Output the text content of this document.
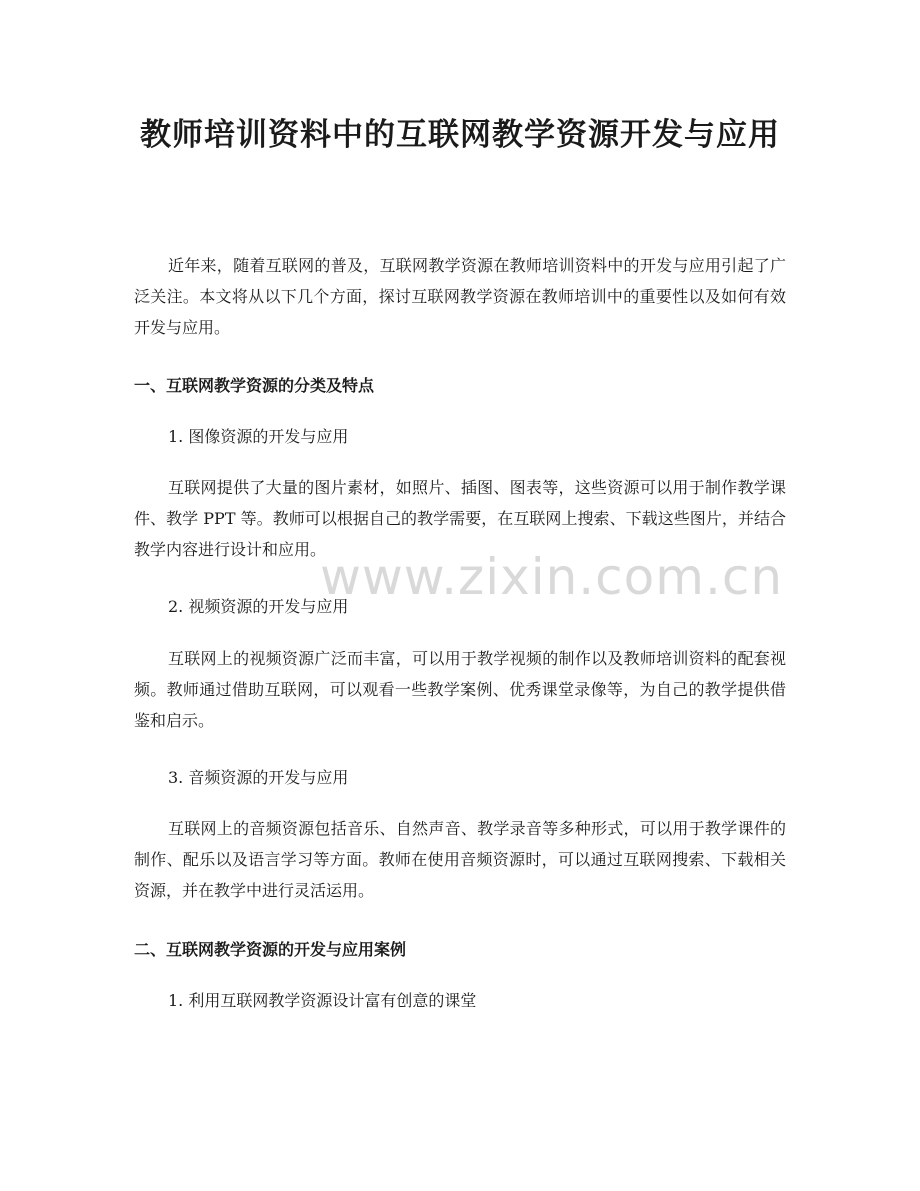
教师培训资料中的互联网教学资源开发与应用

近年来，随着互联网的普及，互联网教学资源在教师培训资料中的开发与应用引起了广泛关注。本文将从以下几个方面，探讨互联网教学资源在教师培训中的重要性以及如何有效开发与应用。

一、互联网教学资源的分类及特点

1. 图像资源的开发与应用

互联网提供了大量的图片素材，如照片、插图、图表等，这些资源可以用于制作教学课件、教学 PPT 等。教师可以根据自己的教学需要，在互联网上搜索、下载这些图片，并结合教学内容进行设计和应用。

2. 视频资源的开发与应用

互联网上的视频资源广泛而丰富，可以用于教学视频的制作以及教师培训资料的配套视频。教师通过借助互联网，可以观看一些教学案例、优秀课堂录像等，为自己的教学提供借鉴和启示。

3. 音频资源的开发与应用

互联网上的音频资源包括音乐、自然声音、教学录音等多种形式，可以用于教学课件的制作、配乐以及语言学习等方面。教师在使用音频资源时，可以通过互联网搜索、下载相关资源，并在教学中进行灵活运用。

二、互联网教学资源的开发与应用案例

1. 利用互联网教学资源设计富有创意的课堂

www.zixin.com.cn
